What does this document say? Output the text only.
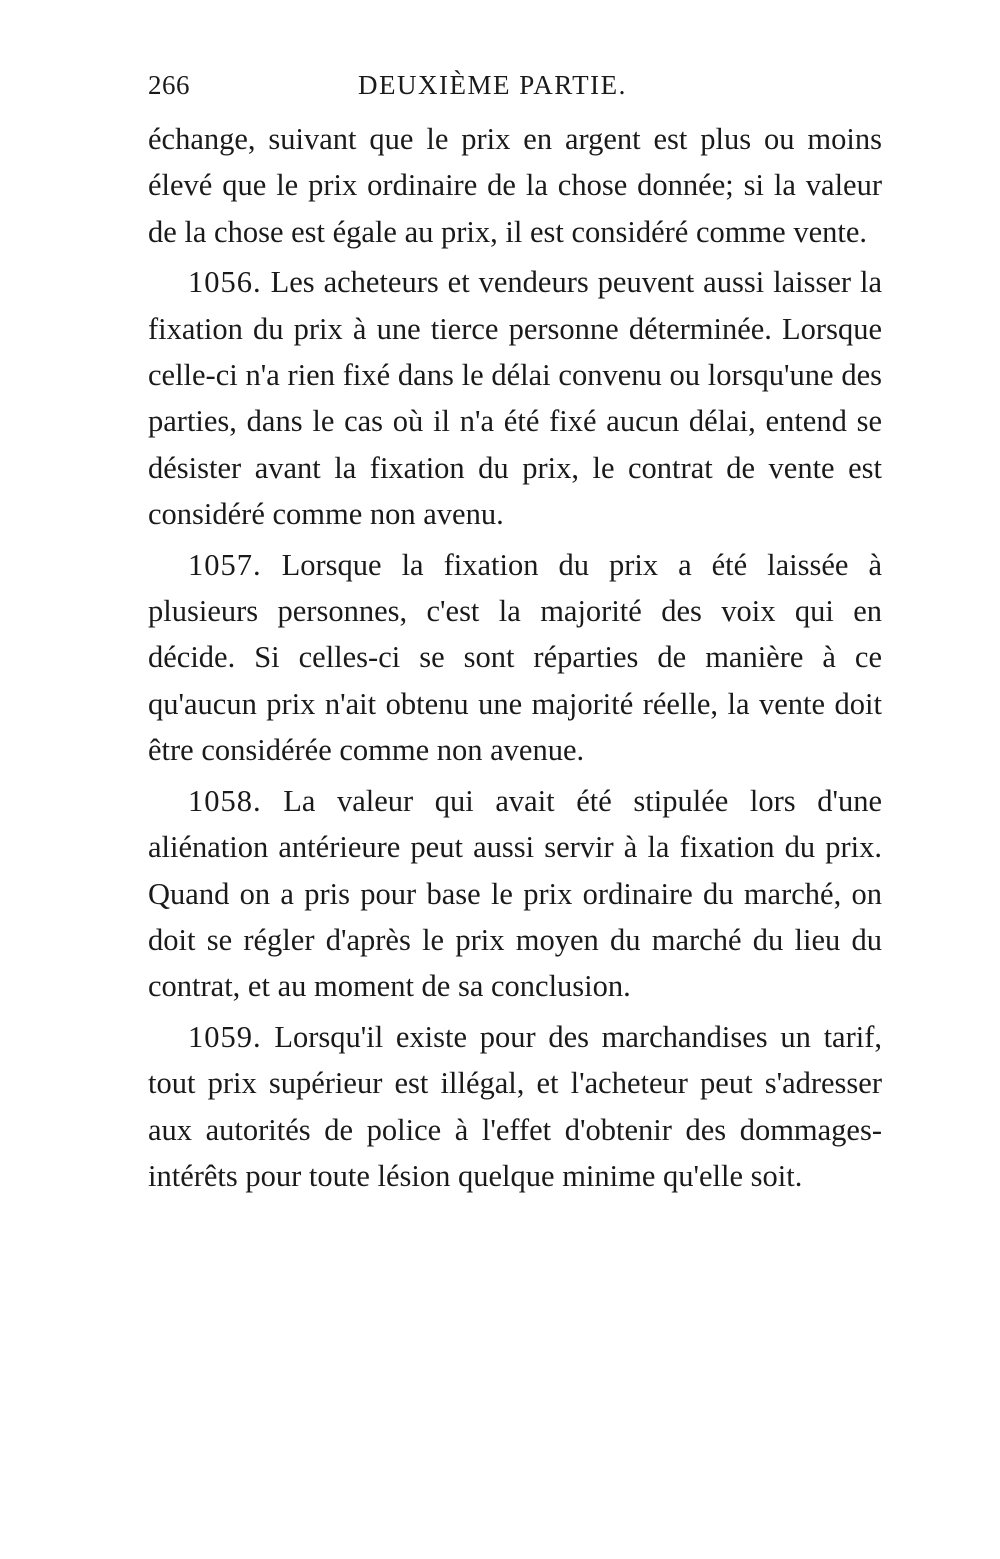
266	DEUXIÈME PARTIE.

échange, suivant que le prix en argent est plus ou moins élevé que le prix ordinaire de la chose donnée; si la valeur de la chose est égale au prix, il est considéré comme vente.

1056. Les acheteurs et vendeurs peuvent aussi laisser la fixation du prix à une tierce personne déterminée. Lorsque celle-ci n'a rien fixé dans le délai convenu ou lorsqu'une des parties, dans le cas où il n'a été fixé aucun délai, entend se désister avant la fixation du prix, le contrat de vente est considéré comme non avenu.

1057. Lorsque la fixation du prix a été laissée à plusieurs personnes, c'est la majorité des voix qui en décide. Si celles-ci se sont réparties de manière à ce qu'aucun prix n'ait obtenu une majorité réelle, la vente doit être considérée comme non avenue.

1058. La valeur qui avait été stipulée lors d'une aliénation antérieure peut aussi servir à la fixation du prix. Quand on a pris pour base le prix ordinaire du marché, on doit se régler d'après le prix moyen du marché du lieu du contrat, et au moment de sa conclusion.

1059. Lorsqu'il existe pour des marchandises un tarif, tout prix supérieur est illégal, et l'acheteur peut s'adresser aux autorités de police à l'effet d'obtenir des dommages-intérêts pour toute lésion quelque minime qu'elle soit.
